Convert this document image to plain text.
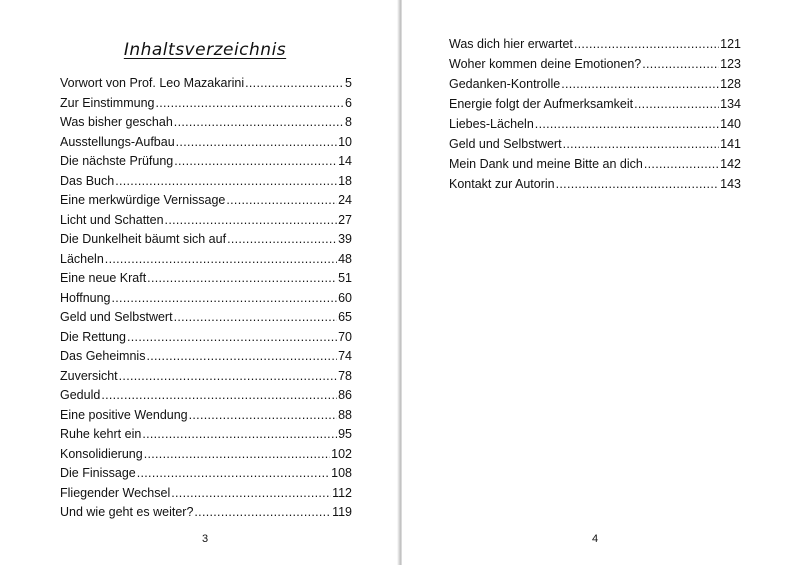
Inhaltsverzeichnis
Vorwort von Prof. Leo Mazakarini .....	5
Zur Einstimmung .....	6
Was bisher geschah .....	8
Ausstellungs-Aufbau .....	10
Die nächste Prüfung .....	14
Das Buch .....	18
Eine merkwürdige Vernissage .....	24
Licht und Schatten .....	27
Die Dunkelheit bäumt sich auf .....	39
Lächeln .....	48
Eine neue Kraft .....	51
Hoffnung .....	60
Geld und Selbstwert .....	65
Die Rettung .....	70
Das Geheimnis .....	74
Zuversicht .....	78
Geduld .....	86
Eine positive Wendung .....	88
Ruhe kehrt ein .....	95
Konsolidierung .....	102
Die Finissage .....	108
Fliegender Wechsel .....	112
Und wie geht es weiter? .....	119
3
Was dich hier erwartet .....	121
Woher kommen deine Emotionen? .....	123
Gedanken-Kontrolle .....	128
Energie folgt der Aufmerksamkeit .....	134
Liebes-Lächeln .....	140
Geld und Selbstwert .....	141
Mein Dank und meine Bitte an dich .....	142
Kontakt zur Autorin .....	143
4
